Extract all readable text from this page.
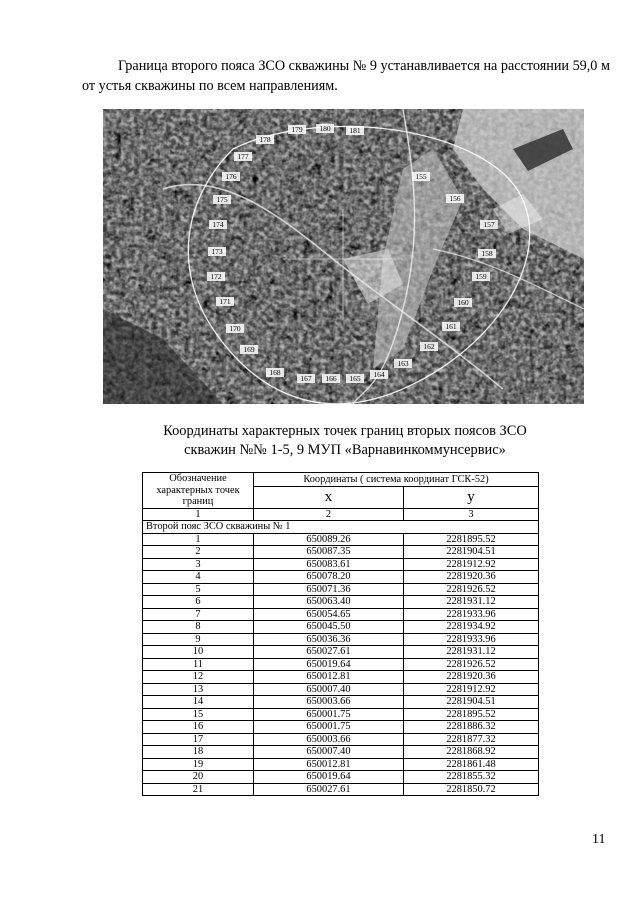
Граница второго пояса ЗСО скважины № 9 устанавливается на расстоянии 59,0 м от устья скважины по всем направлениям.

155
156
157
158
159
160
161
162
163
164
165
166
167
168
169
170
171
172
173
174
175
176
177
178
179 180	181
Координаты характерных точек границ вторых поясов ЗСО
скважин №№ 1-5, 9 МУП «Варнавинкоммунсервис»
Обозначение характерных точек границ	Координаты ( система координат ГСК-52)	
	x	y
1	2	3
Второй пояс ЗСО скважины № 1		
1	650089.26	2281895.52
2	650087.35	2281904.51
3	650083.61	2281912.92
4	650078.20	2281920.36
5	650071.36	2281926.52
6	650063.40	2281931.12
7	650054.65	2281933.96
8	650045.50	2281934.92
9	650036.36	2281933.96
10	650027.61	2281931.12
11	650019.64	2281926.52
12	650012.81	2281920.36
13	650007.40	2281912.92
14	650003.66	2281904.51
15	650001.75	2281895.52
16	650001.75	2281886.32
17	650003.66	2281877.32
18	650007.40	2281868.92
19	650012.81	2281861.48
20	650019.64	2281855.32
21	650027.61	2281850.72
11
